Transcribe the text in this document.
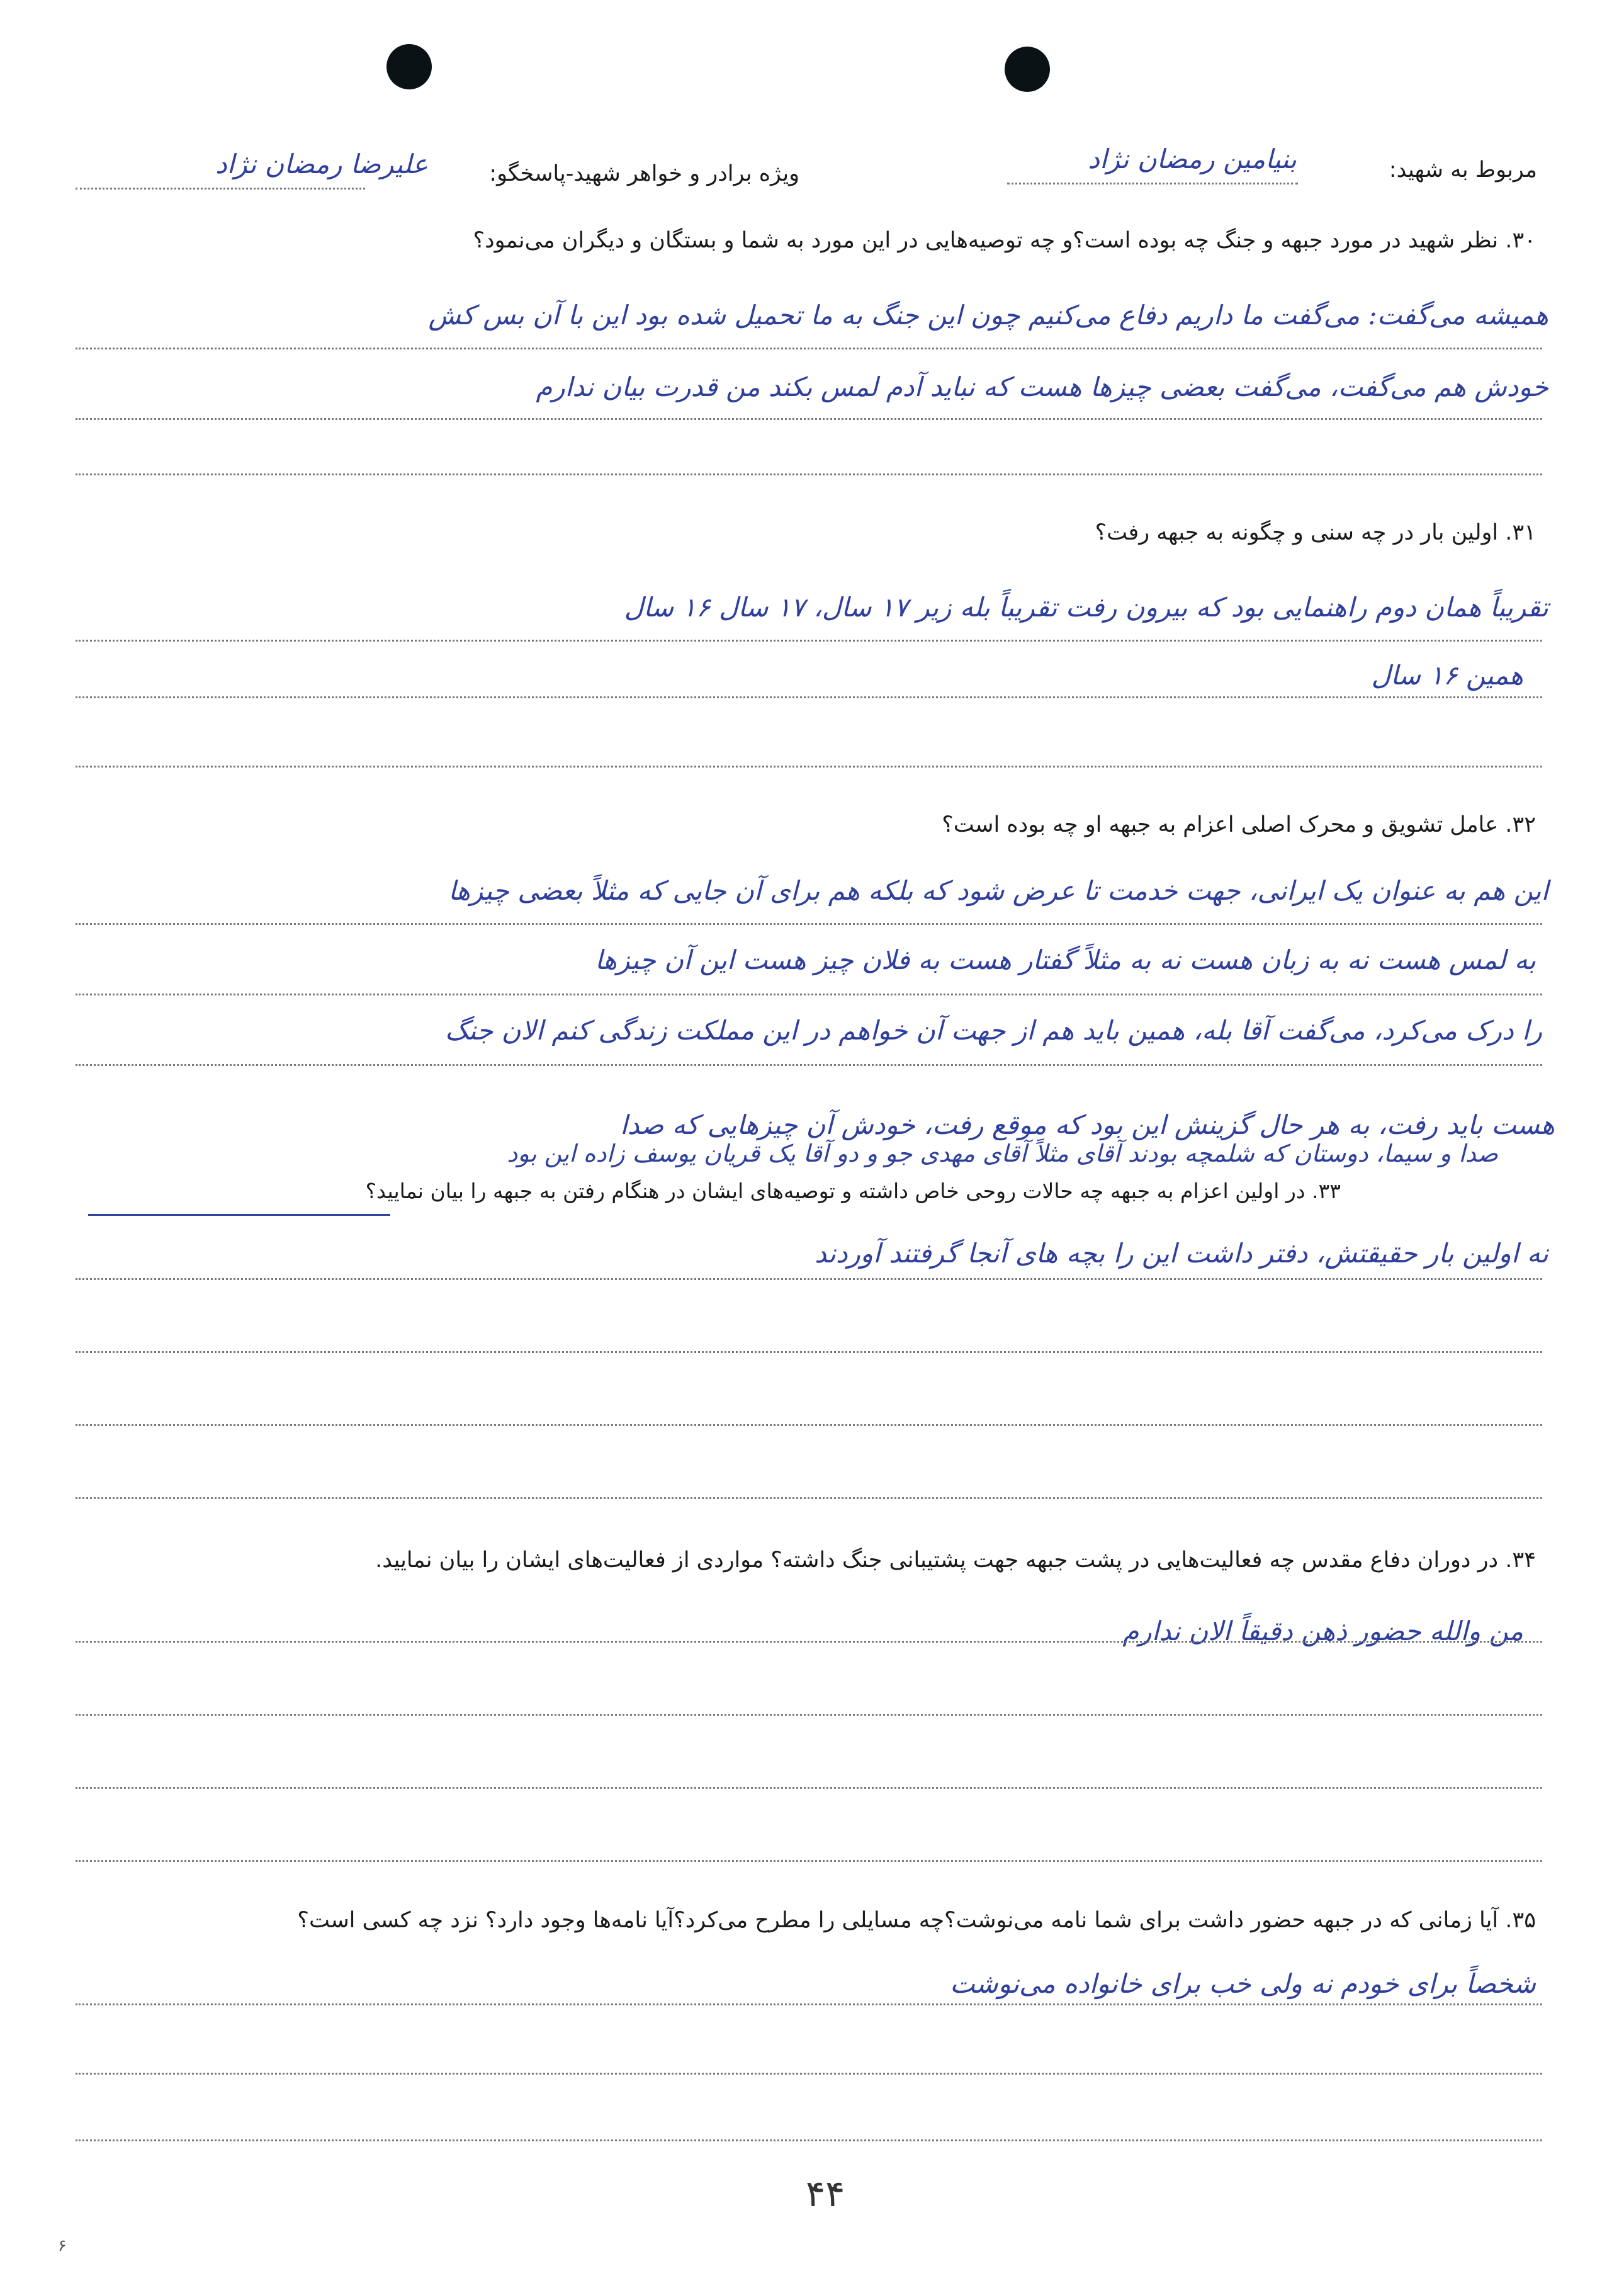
مربوط به شهید:
بنیامین رمضان نژاد
ویژه برادر و خواهر شهید-پاسخگو:
علیرضا رمضان نژاد
۳۰. نظر شهید در مورد جبهه و جنگ چه بوده است؟و چه توصیه‌هایی در این مورد به شما و بستگان و دیگران می‌نمود؟
همیشه می‌گفت: می‌گفت ما داریم دفاع می‌کنیم چون این جنگ به ما تحمیل شده بود این با آن بس کش
خودش هم می‌گفت، می‌گفت بعضی چیزها هست که نباید آدم لمس بکند من قدرت بیان ندارم
۳۱. اولین بار در چه سنی و چگونه به جبهه رفت؟
تقریباً همان دوم راهنمایی بود که بیرون رفت تقریباً بله زیر ۱۷ سال، ۱۷ سال ۱۶ سال
همین ۱۶ سال
۳۲. عامل تشویق و محرک اصلی اعزام به جبهه او چه بوده است؟
این هم به عنوان یک ایرانی، جهت خدمت تا عرض شود که بلکه هم برای آن جایی که مثلاً بعضی چیزها
به لمس هست نه به زبان هست نه به مثلاً گفتار هست به فلان چیز هست این آن چیزها
را درک می‌کرد، می‌گفت آقا بله، همین باید هم از جهت آن خواهم در این مملکت زندگی کنم الان جنگ
هست باید رفت، به هر حال گزینش این بود که موقع رفت، خودش آن چیزهایی که صدا
صدا و سیما، دوستان که شلمچه بودند آقای مثلاً آقای مهدی جو و دو آقا یک قریان یوسف زاده این بود
۳۳. در اولین اعزام به جبهه چه حالات روحی خاص داشته و توصیه‌های ایشان در هنگام رفتن به جبهه را بیان نمایید؟
نه اولین بار حقیقتش، دفتر داشت این را بچه های آنجا گرفتند آوردند
۳۴. در دوران دفاع مقدس چه فعالیت‌هایی در پشت جبهه جهت پشتیبانی جنگ داشته؟ مواردی از فعالیت‌های ایشان را بیان نمایید.
من والله حضور ذهن دقیقاً الان ندارم
۳۵. آیا زمانی که در جبهه حضور داشت برای شما نامه می‌نوشت؟چه مسایلی را مطرح می‌کرد؟آیا نامه‌ها وجود دارد؟ نزد چه کسی است؟
شخصاً برای خودم نه ولی خب برای خانواده می‌نوشت
۴۴
۶
